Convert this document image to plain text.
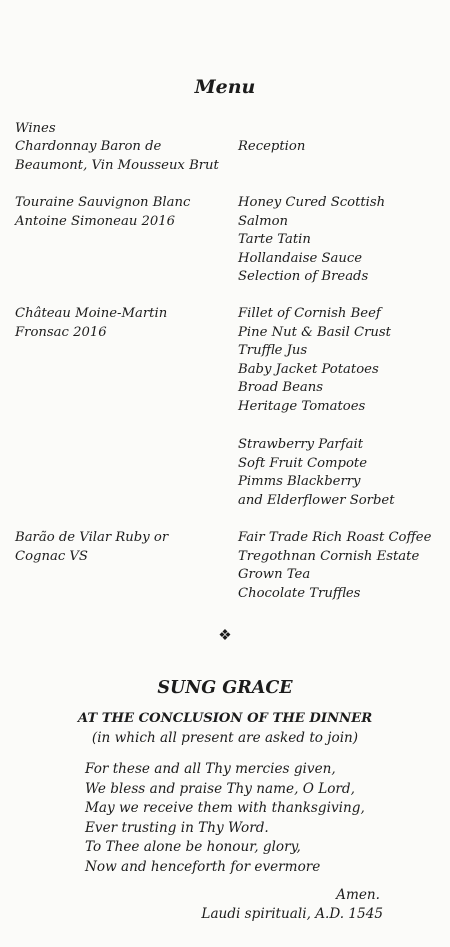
Menu
Wines
Chardonnay Baron de
Beaumont, Vin Mousseux Brut
Touraine Sauvignon Blanc
Antoine Simoneau 2016
Château Moine-Martin
Fronsac 2016
Barão de Vilar Ruby or
Cognac VS
Reception
Honey Cured Scottish
Salmon
Tarte Tatin
Hollandaise Sauce
Selection of Breads
Fillet of Cornish Beef
Pine Nut & Basil Crust
Truffle Jus
Baby Jacket Potatoes
Broad Beans
Heritage Tomatoes
Strawberry Parfait
Soft Fruit Compote
Pimms Blackberry
and Elderflower Sorbet
Fair Trade Rich Roast Coffee
Tregothnan Cornish Estate
Grown Tea
Chocolate Truffles
❖
SUNG GRACE
AT THE CONCLUSION OF THE DINNER
(in which all present are asked to join)
For these and all Thy mercies given,
We bless and praise Thy name, O Lord,
May we receive them with thanksgiving,
Ever trusting in Thy Word.
To Thee alone be honour, glory,
Now and henceforth for evermore
Amen.
Laudi spirituali, A.D. 1545
